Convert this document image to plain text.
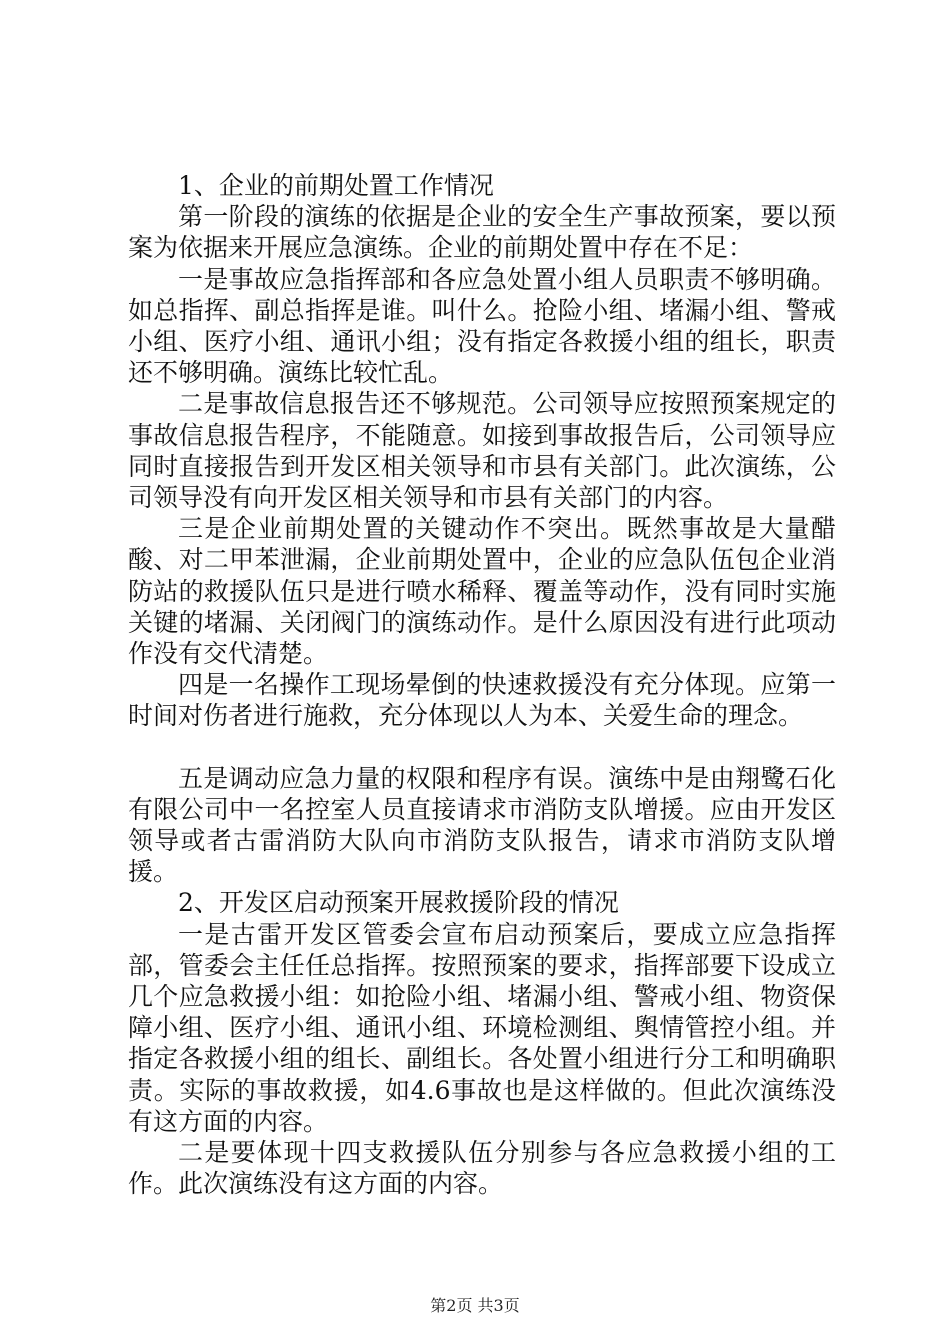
1、企业的前期处置工作情况

第一阶段的演练的依据是企业的安全生产事故预案，要以预案为依据来开展应急演练。企业的前期处置中存在不足：

一是事故应急指挥部和各应急处置小组人员职责不够明确。如总指挥、副总指挥是谁。叫什么。抢险小组、堵漏小组、警戒小组、医疗小组、通讯小组；没有指定各救援小组的组长，职责还不够明确。演练比较忙乱。

二是事故信息报告还不够规范。公司领导应按照预案规定的事故信息报告程序，不能随意。如接到事故报告后，公司领导应同时直接报告到开发区相关领导和市县有关部门。此次演练，公司领导没有向开发区相关领导和市县有关部门的内容。

三是企业前期处置的关键动作不突出。既然事故是大量醋酸、对二甲苯泄漏，企业前期处置中，企业的应急队伍包企业消防站的救援队伍只是进行喷水稀释、覆盖等动作，没有同时实施关键的堵漏、关闭阀门的演练动作。是什么原因没有进行此项动作没有交代清楚。

四是一名操作工现场晕倒的快速救援没有充分体现。应第一时间对伤者进行施救，充分体现以人为本、关爱生命的理念。

五是调动应急力量的权限和程序有误。演练中是由翔鹭石化有限公司中一名控室人员直接请求市消防支队增援。应由开发区领导或者古雷消防大队向市消防支队报告，请求市消防支队增援。

2、开发区启动预案开展救援阶段的情况

一是古雷开发区管委会宣布启动预案后，要成立应急指挥部，管委会主任任总指挥。按照预案的要求，指挥部要下设成立几个应急救援小组：如抢险小组、堵漏小组、警戒小组、物资保障小组、医疗小组、通讯小组、环境检测组、舆情管控小组。并指定各救援小组的组长、副组长。各处置小组进行分工和明确职责。实际的事故救援，如4.6事故也是这样做的。但此次演练没有这方面的内容。

二是要体现十四支救援队伍分别参与各应急救援小组的工作。此次演练没有这方面的内容。

第2页 共3页
